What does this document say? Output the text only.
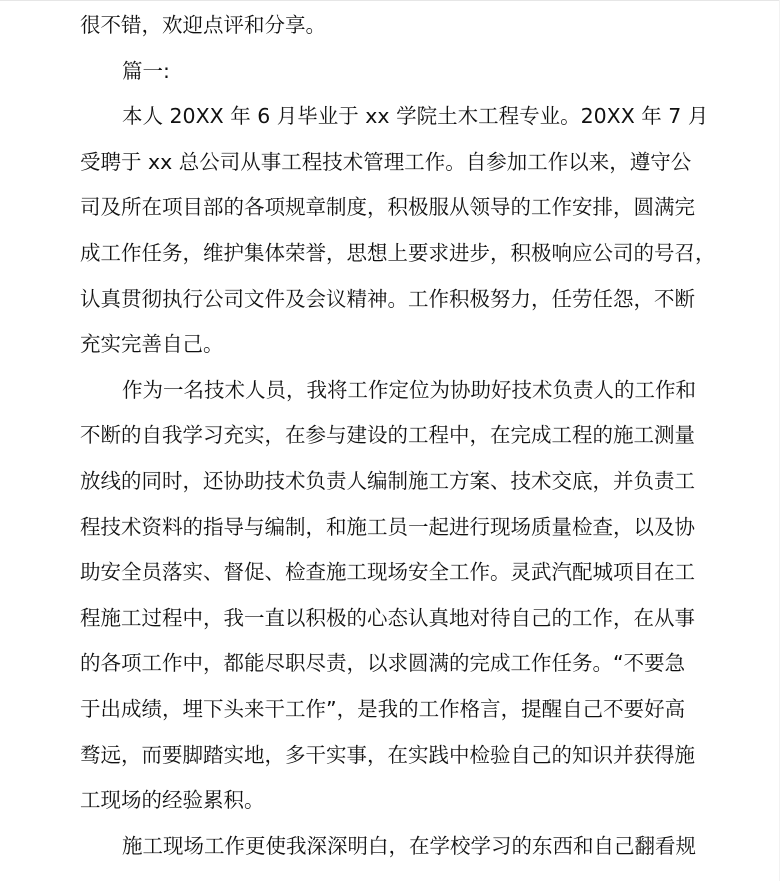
很不错，欢迎点评和分享。
篇一:
本人 20XX 年 6 月毕业于 xx 学院土木工程专业。20XX 年 7 月
受聘于 xx 总公司从事工程技术管理工作。自参加工作以来，遵守公
司及所在项目部的各项规章制度，积极服从领导的工作安排，圆满完
成工作任务，维护集体荣誉，思想上要求进步，积极响应公司的号召，
认真贯彻执行公司文件及会议精神。工作积极努力，任劳任怨，不断
充实完善自己。
作为一名技术人员，我将工作定位为协助好技术负责人的工作和
不断的自我学习充实，在参与建设的工程中，在完成工程的施工测量
放线的同时，还协助技术负责人编制施工方案、技术交底，并负责工
程技术资料的指导与编制，和施工员一起进行现场质量检查，以及协
助安全员落实、督促、检查施工现场安全工作。灵武汽配城项目在工
程施工过程中，我一直以积极的心态认真地对待自己的工作，在从事
的各项工作中，都能尽职尽责，以求圆满的完成工作任务。“不要急
于出成绩，埋下头来干工作”，是我的工作格言，提醒自己不要好高
骛远，而要脚踏实地，多干实事，在实践中检验自己的知识并获得施
工现场的经验累积。
施工现场工作更使我深深明白，在学校学习的东西和自己翻看规
